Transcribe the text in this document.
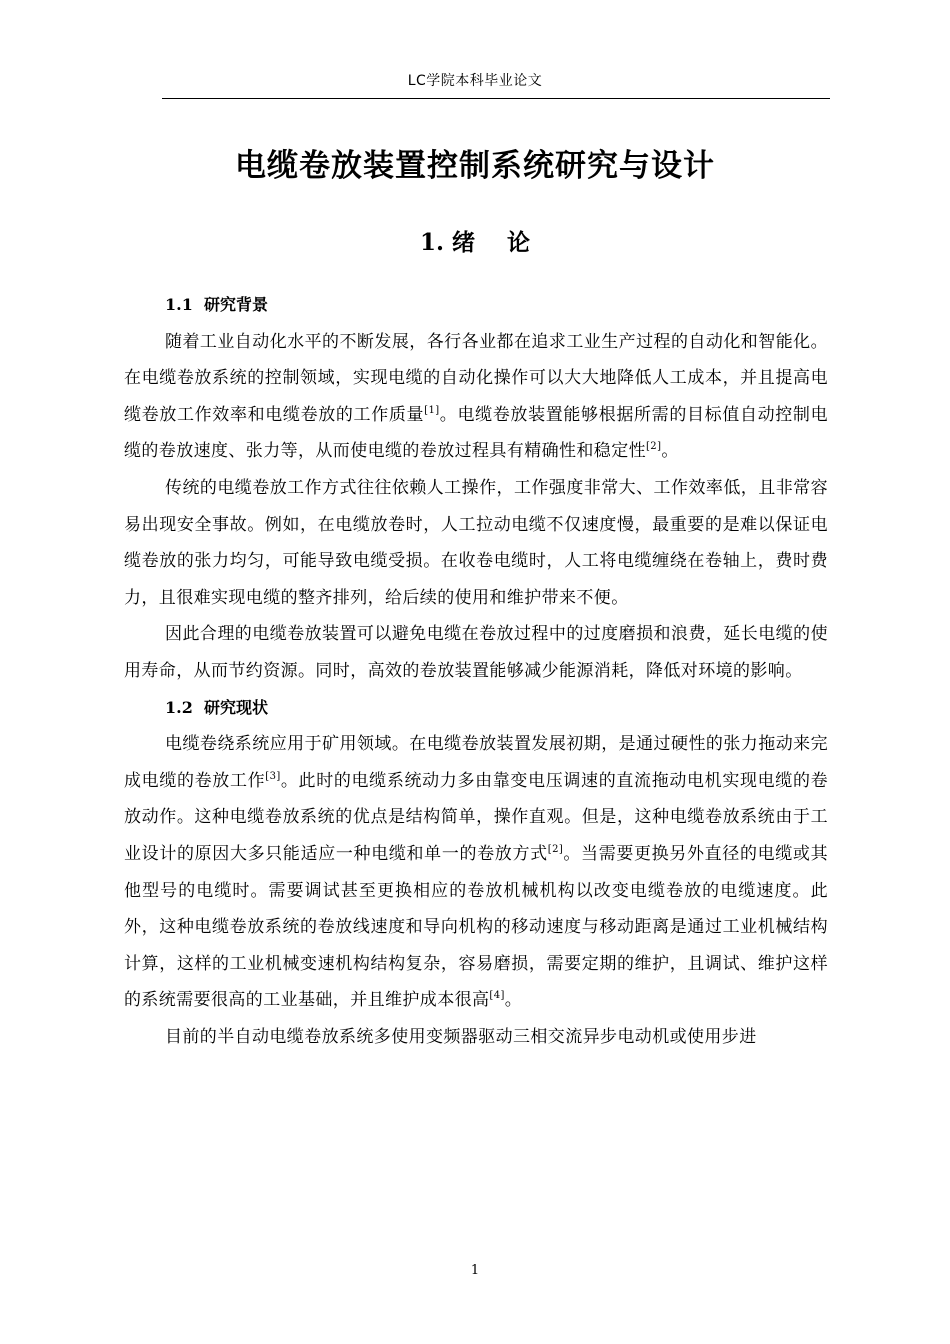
LC学院本科毕业论文
电缆卷放装置控制系统研究与设计
1. 绪    论
1.1  研究背景

随着工业自动化水平的不断发展，各行各业都在追求工业生产过程的自动化和智能化。在电缆卷放系统的控制领域，实现电缆的自动化操作可以大大地降低人工成本，并且提高电缆卷放工作效率和电缆卷放的工作质量[1]。电缆卷放装置能够根据所需的目标值自动控制电缆的卷放速度、张力等，从而使电缆的卷放过程具有精确性和稳定性[2]。

传统的电缆卷放工作方式往往依赖人工操作，工作强度非常大、工作效率低，且非常容易出现安全事故。例如，在电缆放卷时，人工拉动电缆不仅速度慢，最重要的是难以保证电缆卷放的张力均匀，可能导致电缆受损。在收卷电缆时，人工将电缆缠绕在卷轴上，费时费力，且很难实现电缆的整齐排列，给后续的使用和维护带来不便。

因此合理的电缆卷放装置可以避免电缆在卷放过程中的过度磨损和浪费，延长电缆的使用寿命，从而节约资源。同时，高效的卷放装置能够减少能源消耗，降低对环境的影响。

1.2  研究现状

电缆卷绕系统应用于矿用领域。在电缆卷放装置发展初期，是通过硬性的张力拖动来完成电缆的卷放工作[3]。此时的电缆系统动力多由靠变电压调速的直流拖动电机实现电缆的卷放动作。这种电缆卷放系统的优点是结构简单，操作直观。但是，这种电缆卷放系统由于工业设计的原因大多只能适应一种电缆和单一的卷放方式[2]。当需要更换另外直径的电缆或其他型号的电缆时。需要调试甚至更换相应的卷放机械机构以改变电缆卷放的电缆速度。此外，这种电缆卷放系统的卷放线速度和导向机构的移动速度与移动距离是通过工业机械结构计算，这样的工业机械变速机构结构复杂，容易磨损，需要定期的维护，且调试、维护这样的系统需要很高的工业基础，并且维护成本很高[4]。

目前的半自动电缆卷放系统多使用变频器驱动三相交流异步电动机或使用步进

1
